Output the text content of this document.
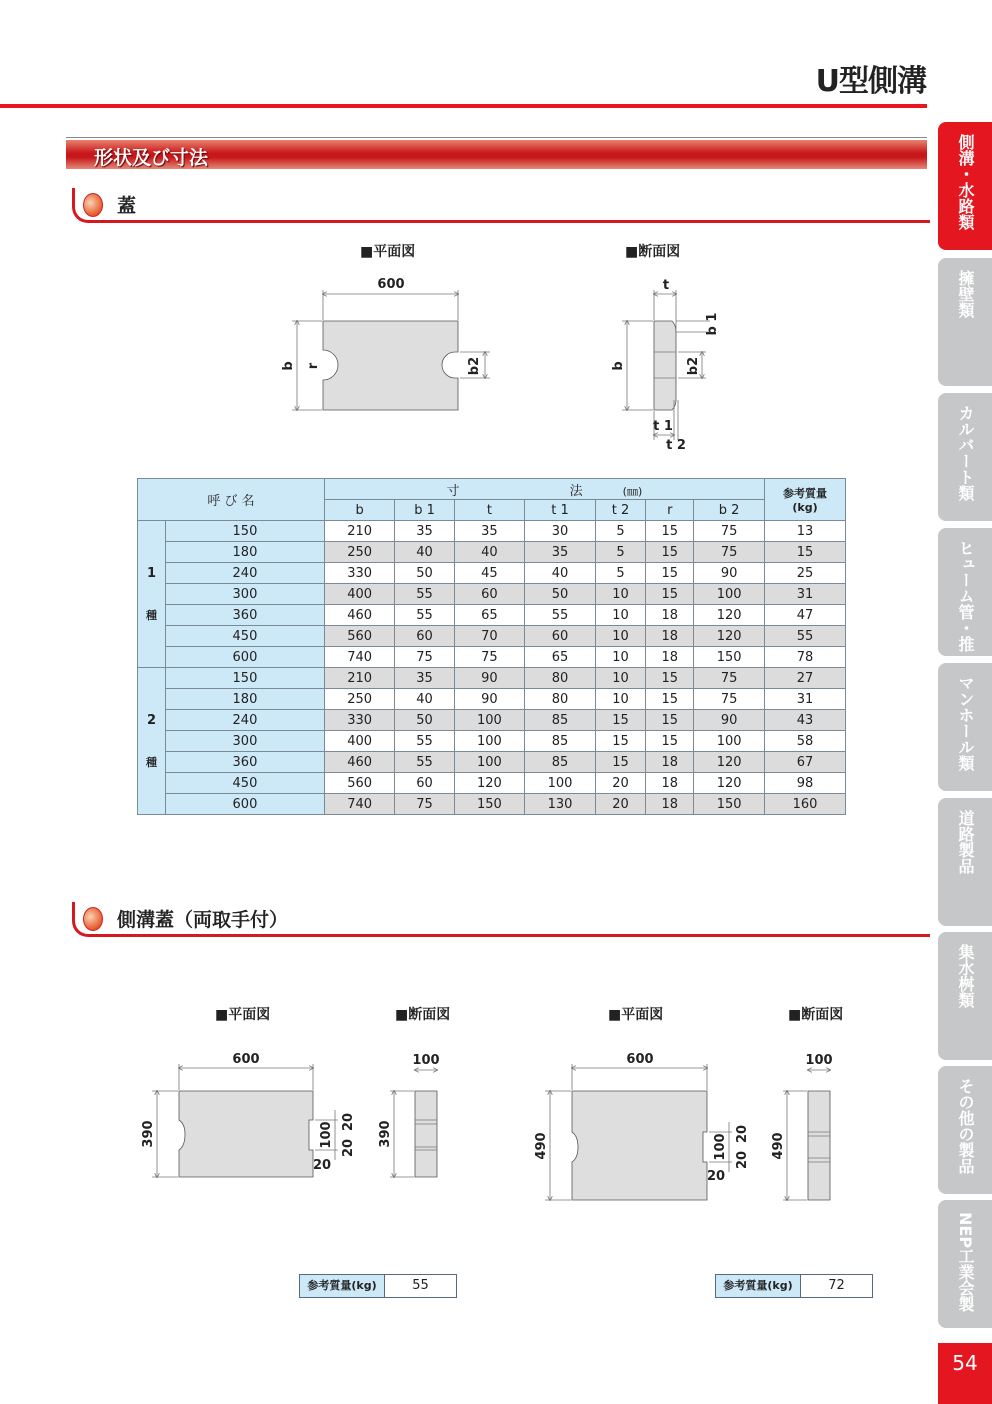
U型側溝
形状及び寸法
蓋
■平面図	■断面図
600
b r	b2
t
b
b 1
b2
t 1
t 2
600
390	100 20
20
20
100
390
600
490	100 20
20
20
100
490
呼 び 名		寸 法 (㎜)							参考質量
(kg)

		b	b 1	t	t 1	t 2	r	b 2	

1
種	150	210	35	35	30	5	15	75	13
	180	250	40	40	35	5	15	75	15
	240	330	50	45	40	5	15	90	25
	300	400	55	60	50	10	15	100	31
	360	460	55	65	55	10	18	120	47
	450	560	60	70	60	10	18	120	55
	600	740	75	75	65	10	18	150	78

2
種	150	210	35	90	80	10	15	75	27
	180	250	40	90	80	10	15	75	31
	240	330	50	100	85	15	15	90	43
	300	400	55	100	85	15	15	100	58
	360	460	55	100	85	15	18	120	67
	450	560	60	120	100	20	18	120	98
	600	740	75	150	130	20	18	150	160
側溝蓋（両取手付）
■平面図	■断面図	■平面図	■断面図
参考質量(kg)	55	参考質量(kg)	72
側溝・水路類
擁壁類
カルバート類
ヒューム管・推進管
マンホール類
道路製品
集水桝類
その他の製品
NEP工業会製品
54
